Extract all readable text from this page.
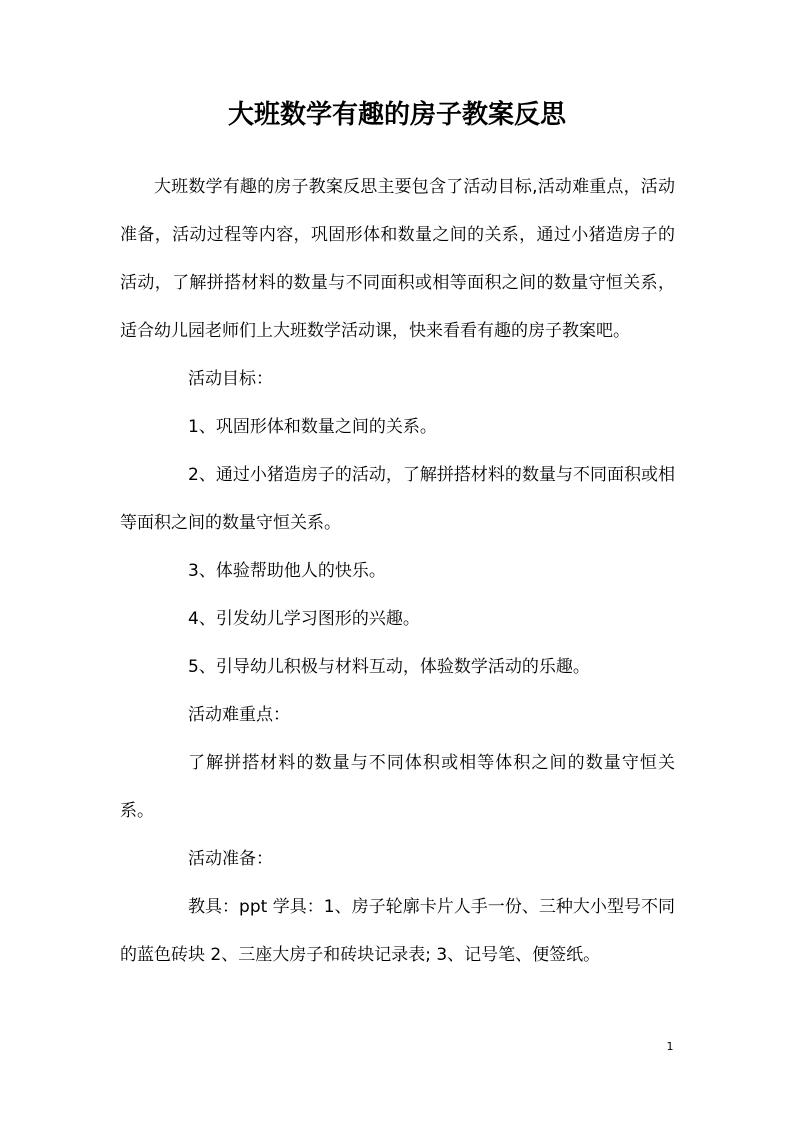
大班数学有趣的房子教案反思

大班数学有趣的房子教案反思主要包含了活动目标,活动难重点，活动准备，活动过程等内容，巩固形体和数量之间的关系，通过小猪造房子的活动，了解拼搭材料的数量与不同面积或相等面积之间的数量守恒关系，适合幼儿园老师们上大班数学活动课，快来看看有趣的房子教案吧。

活动目标：

1、巩固形体和数量之间的关系。

2、通过小猪造房子的活动，了解拼搭材料的数量与不同面积或相等面积之间的数量守恒关系。

3、体验帮助他人的快乐。

4、引发幼儿学习图形的兴趣。

5、引导幼儿积极与材料互动，体验数学活动的乐趣。

活动难重点：

了解拼搭材料的数量与不同体积或相等体积之间的数量守恒关系。

活动准备：

教具：ppt 学具：1、房子轮廓卡片人手一份、三种大小型号不同的蓝色砖块 2、三座大房子和砖块记录表; 3、记号笔、便签纸。

1
